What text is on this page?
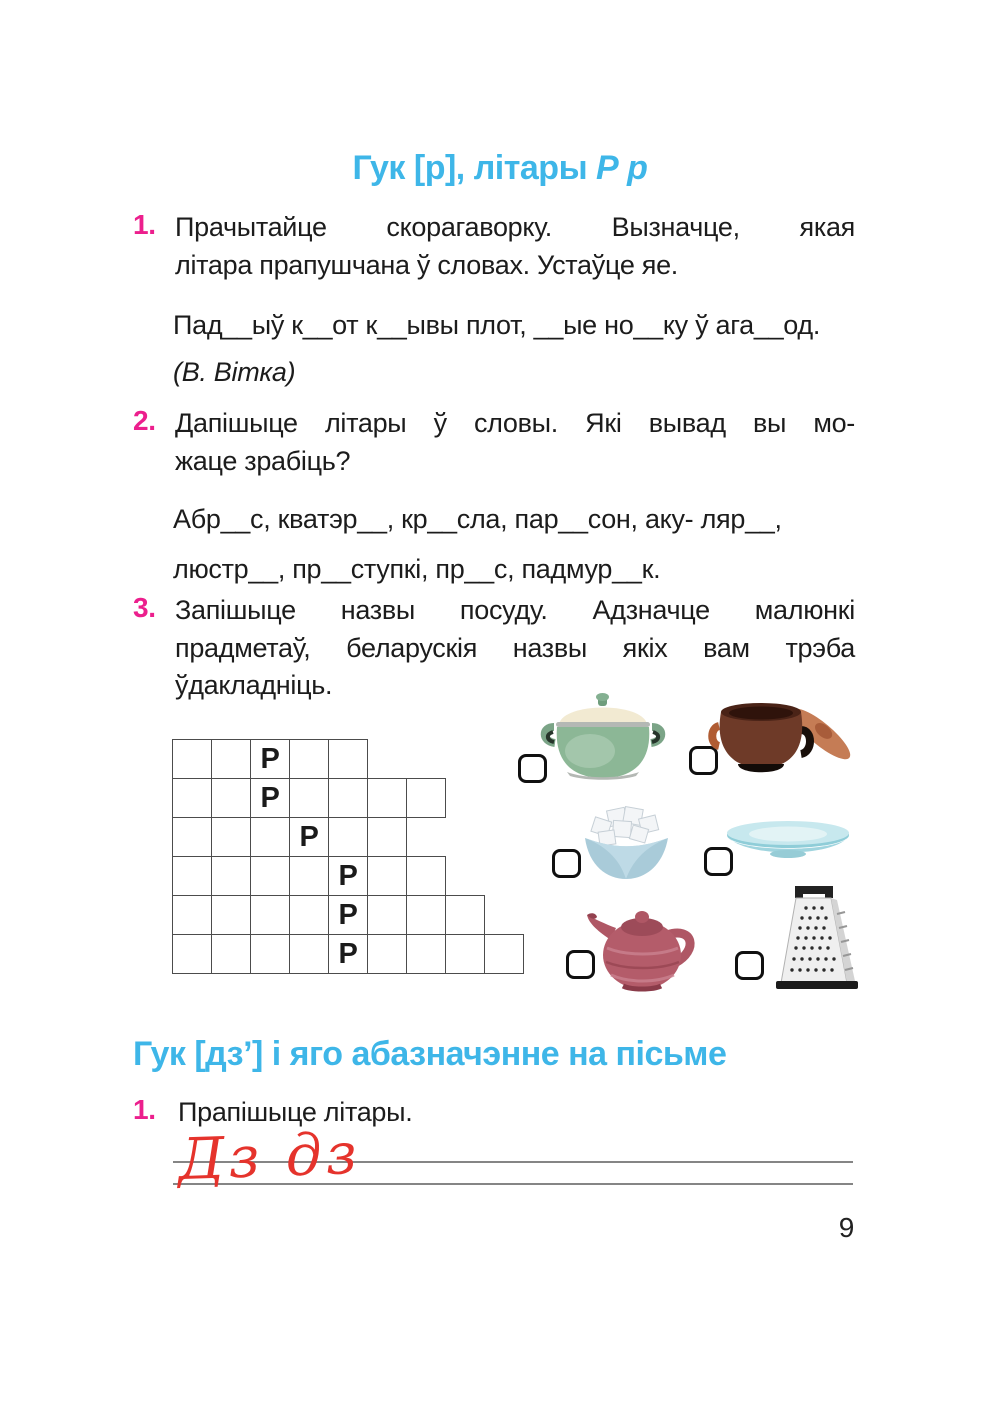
Гук [р], літары Р р
1. Прачытайце скорагаворку. Вызначце, якая
літара прапушчана ў словах. Устаўце яе.
Пад__ыў к__от к__ывы плот, __ые но__ку ў ага__од. (В. Вітка)
2. Дапішыце літары ў словы. Які вывад вы мо-
жаце зрабіць?
Абр__с, кватэр__, кр__сла, пар__сон, аку- ляр__, люстр__, пр__ступкі, пр__с, падмур__к.
3. Запішыце назвы посуду. Адзначце малюнкі
прадметаў, беларускія назвы якіх вам трэба
ўдакладніць.
Р
Р
Р
Р
Р
Р
Гук [дз’] і яго абазначэнне на пісьме
1. Прапішыце літары.
Дз дз
9
